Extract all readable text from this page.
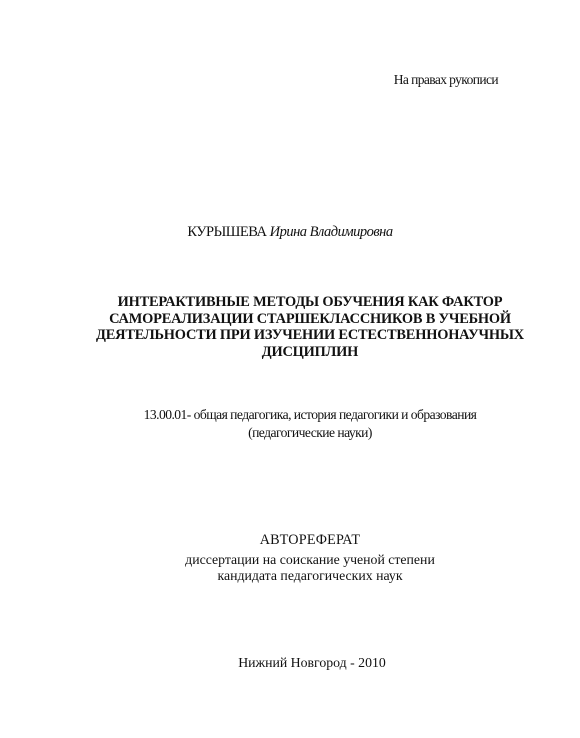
На правах рукописи
КУРЫШЕВА Ирина Владимировна
ИНТЕРАКТИВНЫЕ МЕТОДЫ ОБУЧЕНИЯ КАК ФАКТОР
САМОРЕАЛИЗАЦИИ СТАРШЕКЛАССНИКОВ В УЧЕБНОЙ
ДЕЯТЕЛЬНОСТИ ПРИ ИЗУЧЕНИИ ЕСТЕСТВЕННОНАУЧНЫХ
ДИСЦИПЛИН
13.00.01- общая педагогика, история педагогики и образования
(педагогические науки)
АВТОРЕФЕРАТ
диссертации на соискание ученой степени
кандидата педагогических наук
Нижний Новгород - 2010
